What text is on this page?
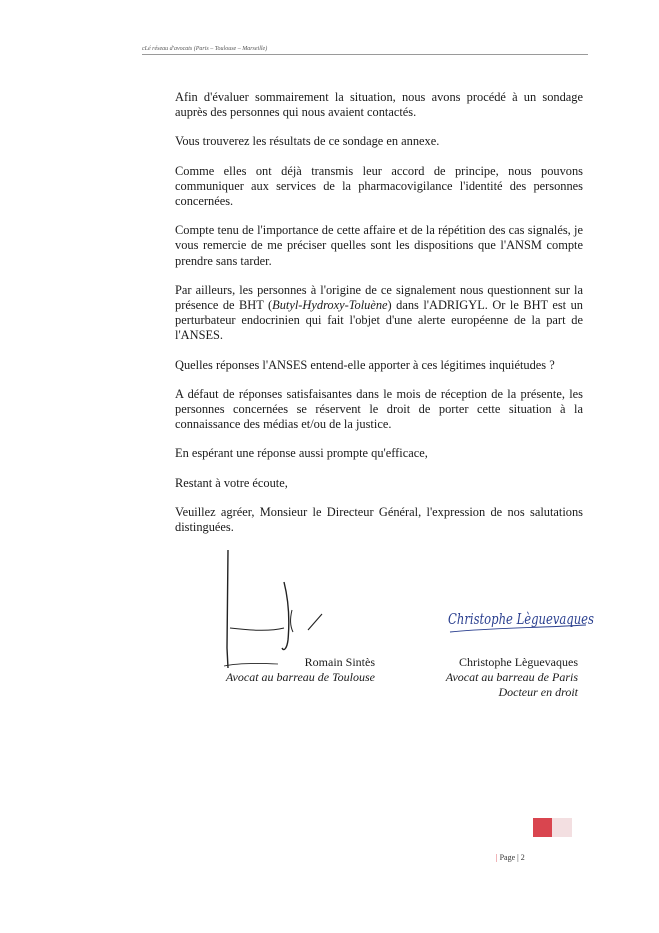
cLé réseau d'avocats (Paris – Toulouse – Marseille)

Afin d'évaluer sommairement la situation, nous avons procédé à un sondage auprès des personnes qui nous avaient contactés.

Vous trouverez les résultats de ce sondage en annexe.

Comme elles ont déjà transmis leur accord de principe, nous pouvons communiquer aux services de la pharmacovigilance l'identité des personnes concernées.

Compte tenu de l'importance de cette affaire et de la répétition des cas signalés, je vous remercie de me préciser quelles sont les dispositions que l'ANSM compte prendre sans tarder.

Par ailleurs, les personnes à l'origine de ce signalement nous questionnent sur la présence de BHT (Butyl-Hydroxy-Toluène) dans l'ADRIGYL. Or le BHT est un perturbateur endocrinien qui fait l'objet d'une alerte européenne de la part de l'ANSES.

Quelles réponses l'ANSES entend-elle apporter à ces légitimes inquiétudes ?

A défaut de réponses satisfaisantes dans le mois de réception de la présente, les personnes concernées se réservent le droit de porter cette situation à la connaissance des médias et/ou de la justice.

En espérant une réponse aussi prompte qu'efficace,

Restant à votre écoute,

Veuillez agréer, Monsieur le Directeur Général, l'expression de nos salutations distinguées.

Christophe Lèguevaques
Romain Sintès
Avocat au barreau de Toulouse
Christophe Lèguevaques
Avocat au barreau de Paris
Docteur en droit
| Page | 2
